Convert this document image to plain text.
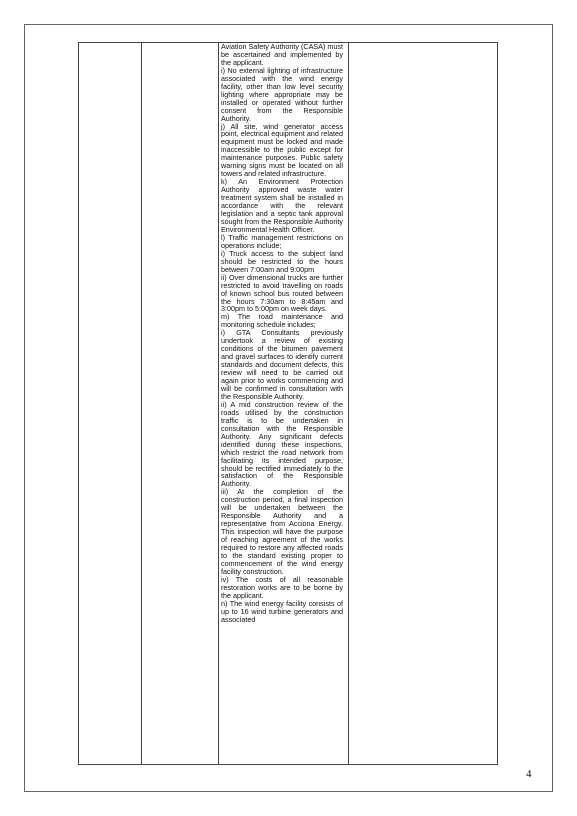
Aviation Safety Authority (CASA) must be ascertained and implemented by the applicant.

i) No external lighting of infrastructure associated with the wind energy facility, other than low level security lighting where appropriate may be installed or operated without further consent from the Responsible Authority.

j) All site, wind generator access point, electrical equipment and related equipment must be locked and made inaccessible to the public except for maintenance purposes. Public safety warning signs must be located on all towers and related infrastructure.

k) An Environment Protection Authority approved waste water treatment system shall be installed in accordance with the relevant legislation and a septic tank approval sought from the Responsible Authority Environmental Health Officer.

l) Traffic management restrictions on operations include;

i) Truck access to the subject land should be restricted to the hours between 7:00am and 9:00pm

ii) Over dimensional trucks are further restricted to avoid travelling on roads of known school bus routed between the hours 7:30am to 8:45am and 3:00pm to 5:00pm on week days.

m) The road maintenance and monitoring schedule includes;

i) GTA Consultants previously undertook a review of existing conditions of the bitumen pavement and gravel surfaces to identify current standards and document defects, this review will need to be carried out again prior to works commencing and will be confirmed in consultation with the Responsible Authority.

ii) A mid construction review of the roads utilised by the construction traffic is to be undertaken in consultation with the Responsible Authority. Any significant defects identified during these inspections, which restrict the road network from facilitating its intended purpose, should be rectified immediately to the satisfaction of the Responsible Authority.

iii) At the completion of the construction period, a final inspection will be undertaken between the Responsible Authority and a representative from Acciona Energy. This inspection will have the purpose of reaching agreement of the works required to restore any affected roads to the standard existing proper to commencement of the wind energy facility construction.

iv) The costs of all reasonable restoration works are to be borne by the applicant.

n) The wind energy facility consists of up to 16 wind turbine generators and associated

4
